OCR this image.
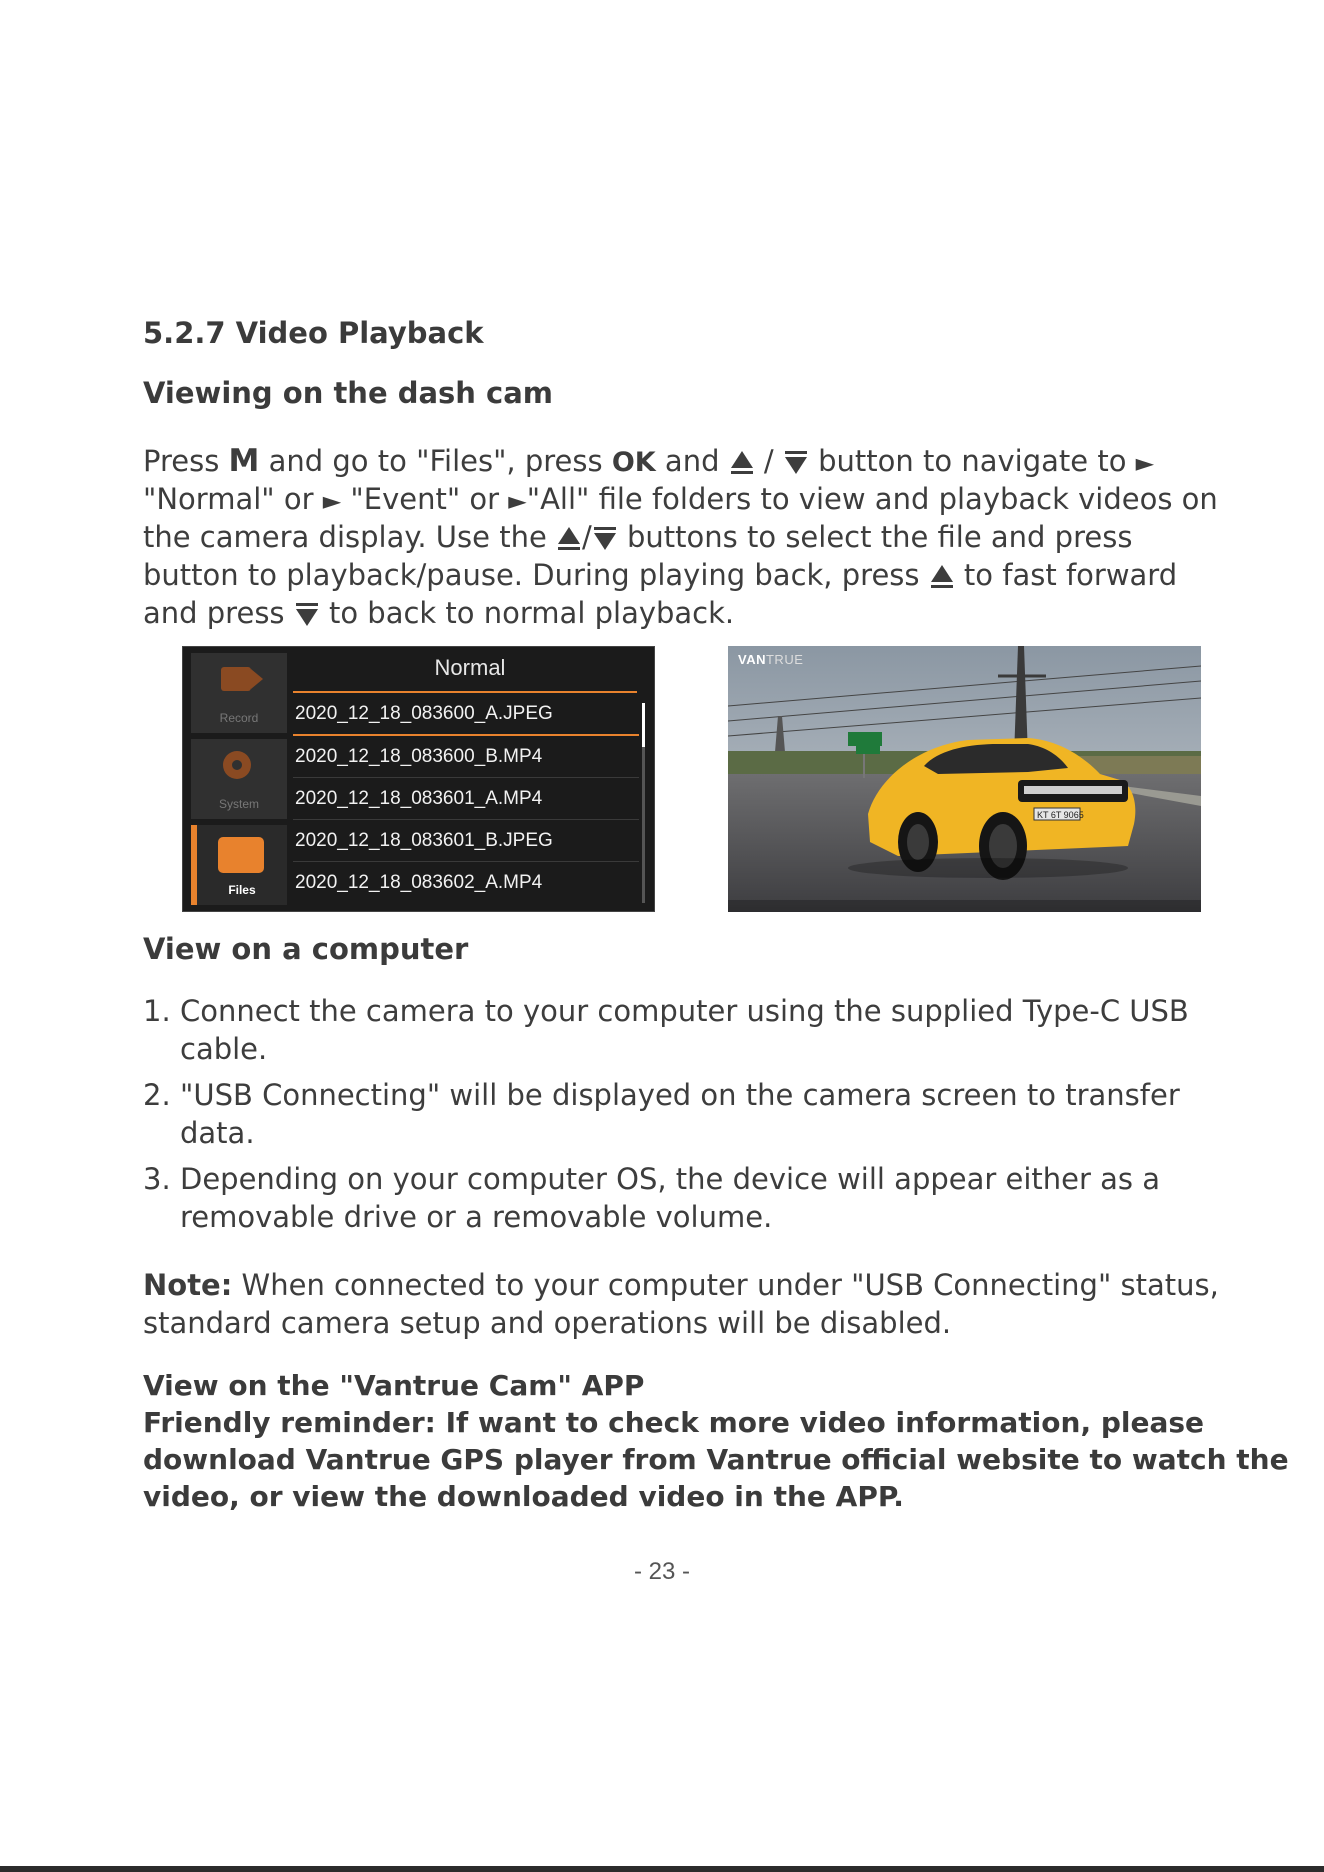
5.2.7 Video Playback
Viewing on the dash cam
Press M and go to "Files", press OK and  /  button to navigate to ►
"Normal" or ► "Event" or ►"All" file folders to view and playback videos on
the camera display. Use the / buttons to select the file and press
button to playback/pause. During playing back, press  to fast forward
and press  to back to normal playback.
Record
System
Files
Normal
2020_12_18_083600_A.JPEG
2020_12_18_083600_B.MP4
2020_12_18_083601_A.MP4
2020_12_18_083601_B.JPEG
2020_12_18_083602_A.MP4
KT 6T 9065
VANTRUE
View on a computer
1. Connect the camera to your computer using the supplied Type-C USB
cable.
2. "USB Connecting" will be displayed on the camera screen to transfer
data.
3. Depending on your computer OS, the device will appear either as a
removable drive or a removable volume.
Note: When connected to your computer under "USB Connecting" status,
standard camera setup and operations will be disabled.
View on the "Vantrue Cam" APP
Friendly reminder: If want to check more video information, please
download Vantrue GPS player from Vantrue official website to watch the
video, or view the downloaded video in the APP.
- 23 -
